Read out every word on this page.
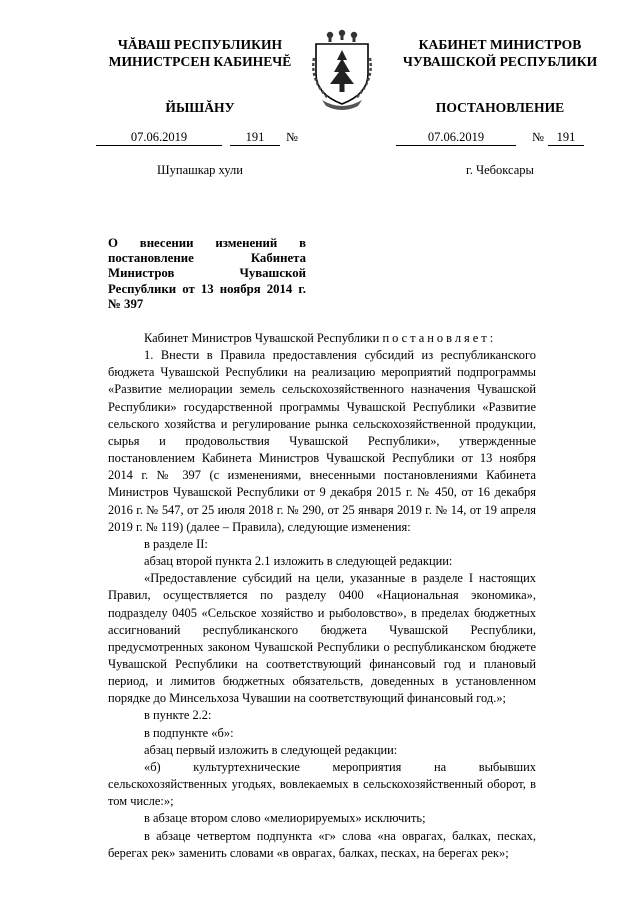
ЧĂВАШ РЕСПУБЛИКИН
МИНИСТРСЕН КАБИНЕЧĔ
ЙЫШĂНУ
КАБИНЕТ МИНИСТРОВ
ЧУВАШСКОЙ РЕСПУБЛИКИ
ПОСТАНОВЛЕНИЕ
07.06.2019	191	№	07.06.2019	№	191
Шупашкар хули	г. Чебоксары
О внесении изменений в постановление Кабинета Министров Чувашской Республики от 13 ноября 2014 г. № 397

Кабинет Министров Чувашской Республики постановляет:

1. Внести в Правила предоставления субсидий из республиканского бюджета Чувашской Республики на реализацию мероприятий подпрограммы «Развитие мелиорации земель сельскохозяйственного назначения Чувашской Республики» государственной программы Чувашской Республики «Развитие сельского хозяйства и регулирование рынка сельскохозяйственной продукции, сырья и продовольствия Чувашской Республики», утвержденные постановлением Кабинета Министров Чувашской Республики от 13 ноября 2014 г. № 397 (с изменениями, внесенными постановлениями Кабинета Министров Чувашской Республики от 9 декабря 2015 г. № 450, от 16 декабря 2016 г. № 547, от 25 июля 2018 г. № 290, от 25 января 2019 г. № 14, от 19 апреля 2019 г. № 119) (далее – Правила), следующие изменения:

в разделе II:

абзац второй пункта 2.1 изложить в следующей редакции:

«Предоставление субсидий на цели, указанные в разделе I настоящих Правил, осуществляется по разделу 0400 «Национальная экономика», подразделу 0405 «Сельское хозяйство и рыболовство», в пределах бюджетных ассигнований республиканского бюджета Чувашской Республики, предусмотренных законом Чувашской Республики о республиканском бюджете Чувашской Республики на соответствующий финансовый год и плановый период, и лимитов бюджетных обязательств, доведенных в установленном порядке до Минсельхоза Чувашии на соответствующий финансовый год.»;

в пункте 2.2:

в подпункте «б»:

абзац первый изложить в следующей редакции:

«б) культуртехнические мероприятия на выбывших сельскохозяйственных угодьях, вовлекаемых в сельскохозяйственный оборот, в том числе:»;

в абзаце втором слово «мелиорируемых» исключить;

в абзаце четвертом подпункта «г» слова «на оврагах, балках, песках, берегах рек» заменить словами «в оврагах, балках, песках, на берегах рек»;
